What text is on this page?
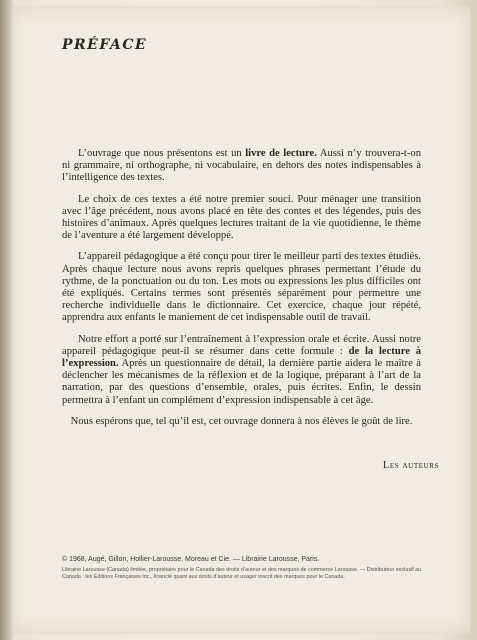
PRÉFACE

L’ouvrage que nous présentons est un livre de lecture. Aussi n’y trouvera-t-on ni grammaire, ni orthographe, ni vocabulaire, en dehors des notes indispensables à l’intelligence des textes.

Le choix de ces textes a été notre premier souci. Pour ménager une transition avec l’âge précédent, nous avons placé en tête des contes et des légendes, puis des histoires d’animaux. Après quelques lectures traitant de la vie quotidienne, le thème de l’aventure a été largement développé.

L’appareil pédagogique a été conçu pour tirer le meilleur parti des textes étudiés. Après chaque lecture nous avons repris quelques phrases permettant l’étude du rythme, de la ponctuation ou du ton. Les mots ou expressions les plus difficiles ont été expliqués. Certains termes sont présentés séparément pour permettre une recherche individuelle dans le dictionnaire. Cet exercice, chaque jour répété, apprendra aux enfants le maniement de cet indispensable outil de travail.

Notre effort a porté sur l’entraînement à l’expression orale et écrite. Aussi notre appareil pédagogique peut-il se résumer dans cette formule : de la lecture à l’expression. Après un questionnaire de détail, la dernière partie aidera le maître à déclencher les mécanismes de la réflexion et de la logique, préparant à l’art de la narration, par des questions d’ensemble, orales, puis écrites. Enfin, le dessin permettra à l’enfant un complément d’expression indispensable à cet âge.

Nous espérons que, tel qu’il est, cet ouvrage donnera à nos élèves le goût de lire.

Les auteurs
© 1968, Augé, Gillon, Hollier-Larousse, Moreau et Cie. — Librairie Larousse, Paris.
Librairie Larousse (Canada) limitée, propriétaire pour le Canada des droits d’auteur et des marques de commerce Larousse. — Distributeur exclusif au Canada : les Éditions Françaises Inc., licencié quant aux droits d’auteur et usager inscrit des marques pour le Canada.
